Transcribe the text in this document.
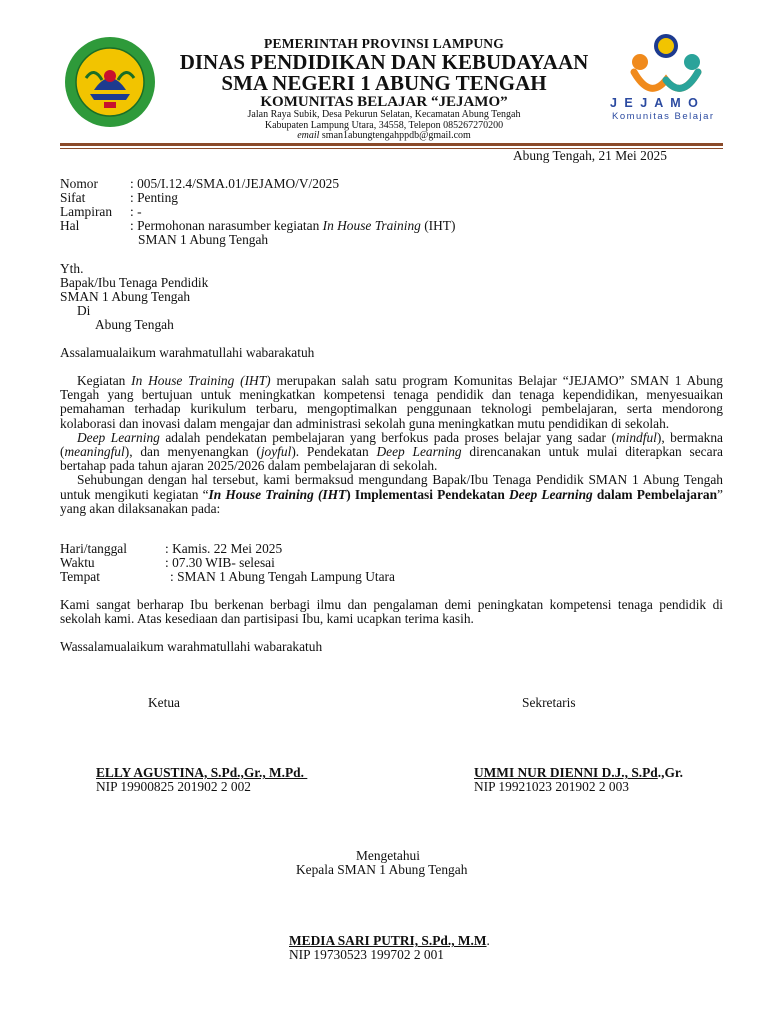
PEMERINTAH PROVINSI LAMPUNG
DINAS PENDIDIKAN DAN KEBUDAYAAN
SMA NEGERI 1 ABUNG TENGAH
KOMUNITAS BELAJAR “JEJAMO”
Jalan Raya Subik, Desa Pekurun Selatan, Kecamatan Abung Tengah
Kabupaten Lampung Utara, 34558, Telepon 085267270200
email sman1abungtengahppdb@gmail.com
J E J A M O
Komunitas Belajar
Abung Tengah, 21 Mei 2025
Nomor : 005/I.12.4/SMA.01/JEJAMO/V/2025
Sifat	: Penting
Lampiran : -
Hal	: Permohonan narasumber kegiatan In House Training (IHT)
SMAN 1 Abung Tengah
Yth.
Bapak/Ibu Tenaga Pendidik
SMAN 1 Abung Tengah
Di
Abung Tengah
Assalamualaikum warahmatullahi wabarakatuh

Kegiatan In House Training (IHT) merupakan salah satu program Komunitas Belajar “JEJAMO” SMAN 1 Abung Tengah yang bertujuan untuk meningkatkan kompetensi tenaga pendidik dan tenaga kependidikan, menyesuaikan pemahaman terhadap kurikulum terbaru, mengoptimalkan penggunaan teknologi pembelajaran, serta mendorong kolaborasi dan inovasi dalam mengajar dan administrasi sekolah guna meningkatkan mutu pendidikan di sekolah.

Deep Learning adalah pendekatan pembelajaran yang berfokus pada proses belajar yang sadar (mindful), bermakna (meaningful), dan menyenangkan (joyful). Pendekatan Deep Learning direncanakan untuk mulai diterapkan secara bertahap pada tahun ajaran 2025/2026 dalam pembelajaran di sekolah.

Sehubungan dengan hal tersebut, kami bermaksud mengundang Bapak/Ibu Tenaga Pendidik SMAN 1 Abung Tengah untuk mengikuti kegiatan “In House Training (IHT) Implementasi Pendekatan Deep Learning dalam Pembelajaran” yang akan dilaksanakan pada:

Hari/tanggal	: Kamis. 22 Mei 2025
Waktu	: 07.30 WIB- selesai
Tempat	: SMAN 1 Abung Tengah Lampung Utara
Kami sangat berharap Ibu berkenan berbagi ilmu dan pengalaman demi peningkatan kompetensi tenaga pendidik di sekolah kami. Atas kesediaan dan partisipasi Ibu, kami ucapkan terima kasih.
Wassalamualaikum warahmatullahi wabarakatuh
Ketua	Sekretaris
ELLY AGUSTINA, S.Pd.,Gr., M.Pd.
NIP 19900825 201902 2 002
UMMI NUR DIENNI D.J., S.Pd.,Gr.
NIP 19921023 201902 2 003
Mengetahui
Kepala SMAN 1 Abung Tengah
MEDIA SARI PUTRI, S.Pd., M.M.
NIP 19730523 199702 2 001
